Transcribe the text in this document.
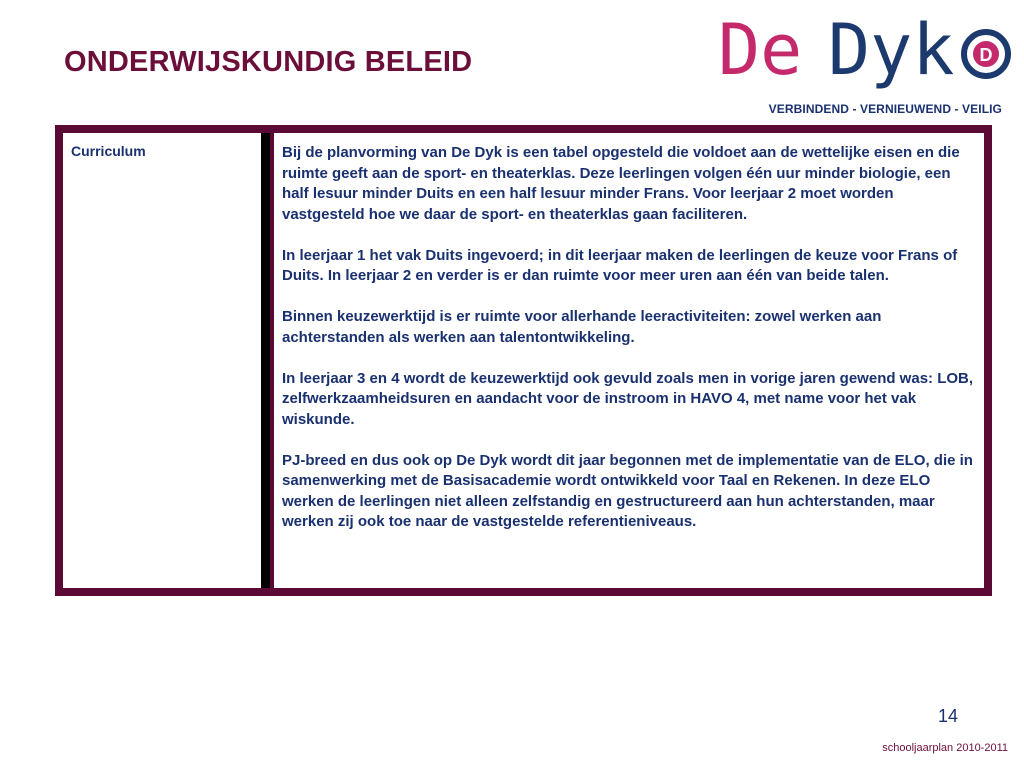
ONDERWIJSKUNDIG BELEID	De Dyk D
VERBINDEND - VERNIEUWEND - VEILIG
Curriculum	Bij de planvorming van De Dyk is een tabel opgesteld die voldoet aan de wettelijke eisen en die ruimte geeft aan de sport- en theaterklas. Deze leerlingen volgen één uur minder biologie, een half lesuur minder Duits en een half lesuur minder Frans. Voor leerjaar 2 moet worden vastgesteld hoe we daar de sport- en theaterklas gaan faciliteren.

In leerjaar 1 het vak Duits ingevoerd; in dit leerjaar maken de leerlingen de keuze voor Frans of Duits. In leerjaar 2 en verder is er dan ruimte voor meer uren aan één van beide talen.

Binnen keuzewerktijd is er ruimte voor allerhande leeractiviteiten: zowel werken aan achterstanden als werken aan talentontwikkeling.

In leerjaar 3 en 4 wordt de keuzewerktijd ook gevuld zoals men in vorige jaren gewend was: LOB, zelfwerkzaamheidsuren en aandacht voor de instroom in HAVO 4, met name voor het vak wiskunde.

PJ-breed en dus ook op De Dyk wordt dit jaar begonnen met de implementatie van de ELO, die in samenwerking met de Basisacademie wordt ontwikkeld voor Taal en Rekenen. In deze ELO werken de leerlingen niet alleen zelfstandig en gestructureerd aan hun achterstanden, maar werken zij ook toe naar de vastgestelde referentieniveaus.

14
schooljaarplan 2010-2011
